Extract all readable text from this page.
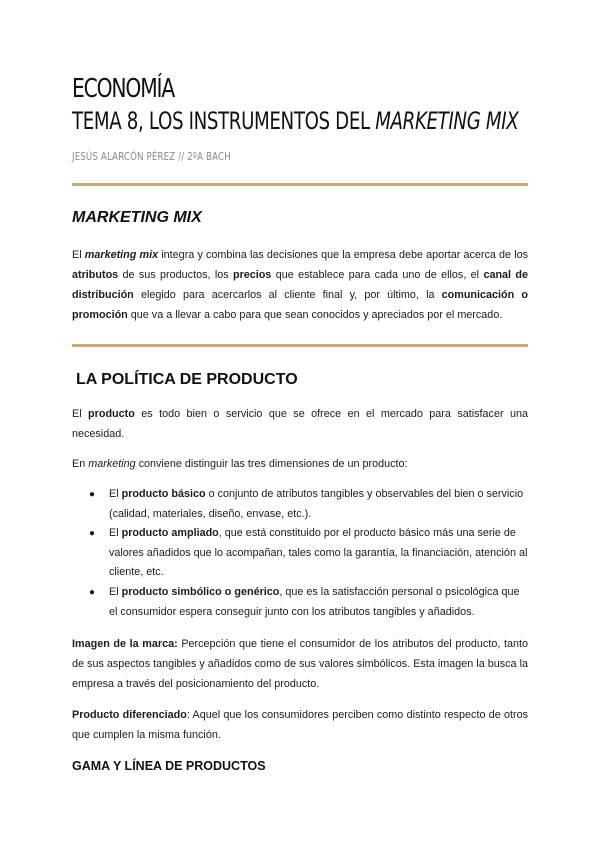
ECONOMÍA
TEMA 8, LOS INSTRUMENTOS DEL MARKETING MIX
JESÚS ALARCÓN PÉREZ // 2ºA BACH
MARKETING MIX

El marketing mix integra y combina las decisiones que la empresa debe aportar acerca de los atributos de sus productos, los precios que establece para cada uno de ellos, el canal de distribución elegido para acercarlos al cliente final y, por último, la comunicación o promoción que va a llevar a cabo para que sean conocidos y apreciados por el mercado.

LA POLÍTICA DE PRODUCTO

El producto es todo bien o servicio que se ofrece en el mercado para satisfacer una necesidad.

En marketing conviene distinguir las tres dimensiones de un producto:

● El producto básico o conjunto de atributos tangibles y observables del bien o servicio (calidad, materiales, diseño, envase, etc.).
● El producto ampliado, que está constituido por el producto básico más una serie de valores añadidos que lo acompañan, tales como la garantía, la financiación, atención al cliente, etc.
● El producto simbólico o genérico, que es la satisfacción personal o psicológica que el consumidor espera conseguir junto con los atributos tangibles y añadidos.

Imagen de la marca: Percepción que tiene el consumidor de los atributos del producto, tanto de sus aspectos tangibles y añadidos como de sus valores simbólicos. Esta imagen la busca la empresa a través del posicionamiento del producto.

Producto diferenciado: Aquel que los consumidores perciben como distinto respecto de otros que cumplen la misma función.

GAMA Y LÍNEA DE PRODUCTOS
